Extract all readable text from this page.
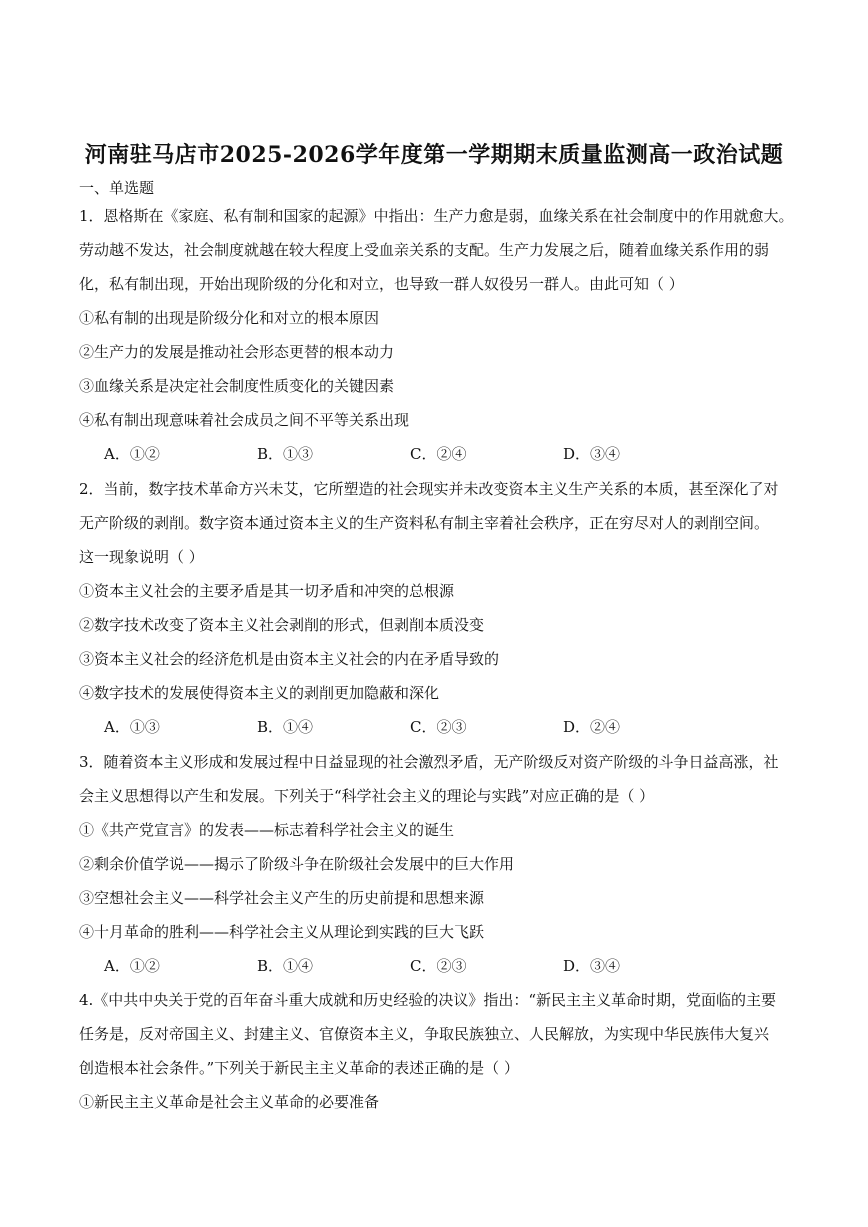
河南驻马店市2025-2026学年度第一学期期末质量监测高一政治试题
一、单选题
1．恩格斯在《家庭、私有制和国家的起源》中指出：生产力愈是弱，血缘关系在社会制度中的作用就愈大。
劳动越不发达，社会制度就越在较大程度上受血亲关系的支配。生产力发展之后，随着血缘关系作用的弱
化，私有制出现，开始出现阶级的分化和对立，也导致一群人奴役另一群人。由此可知（ ）
①私有制的出现是阶级分化和对立的根本原因
②生产力的发展是推动社会形态更替的根本动力
③血缘关系是决定社会制度性质变化的关键因素
④私有制出现意味着社会成员之间不平等关系出现
A．①②	B．①③	C．②④	D．③④
2．当前，数字技术革命方兴未艾，它所塑造的社会现实并未改变资本主义生产关系的本质，甚至深化了对
无产阶级的剥削。数字资本通过资本主义的生产资料私有制主宰着社会秩序，正在穷尽对人的剥削空间。
这一现象说明（ ）
①资本主义社会的主要矛盾是其一切矛盾和冲突的总根源
②数字技术改变了资本主义社会剥削的形式，但剥削本质没变
③资本主义社会的经济危机是由资本主义社会的内在矛盾导致的
④数字技术的发展使得资本主义的剥削更加隐蔽和深化
A．①③	B．①④	C．②③	D．②④
3．随着资本主义形成和发展过程中日益显现的社会激烈矛盾，无产阶级反对资产阶级的斗争日益高涨，社
会主义思想得以产生和发展。下列关于“科学社会主义的理论与实践”对应正确的是（ ）
①《共产党宣言》的发表——标志着科学社会主义的诞生
②剩余价值学说——揭示了阶级斗争在阶级社会发展中的巨大作用
③空想社会主义——科学社会主义产生的历史前提和思想来源
④十月革命的胜利——科学社会主义从理论到实践的巨大飞跃
A．①②	B．①④	C．②③	D．③④
4.《中共中央关于党的百年奋斗重大成就和历史经验的决议》指出：“新民主主义革命时期，党面临的主要
任务是，反对帝国主义、封建主义、官僚资本主义，争取民族独立、人民解放，为实现中华民族伟大复兴
创造根本社会条件。”下列关于新民主主义革命的表述正确的是（ ）
①新民主主义革命是社会主义革命的必要准备
